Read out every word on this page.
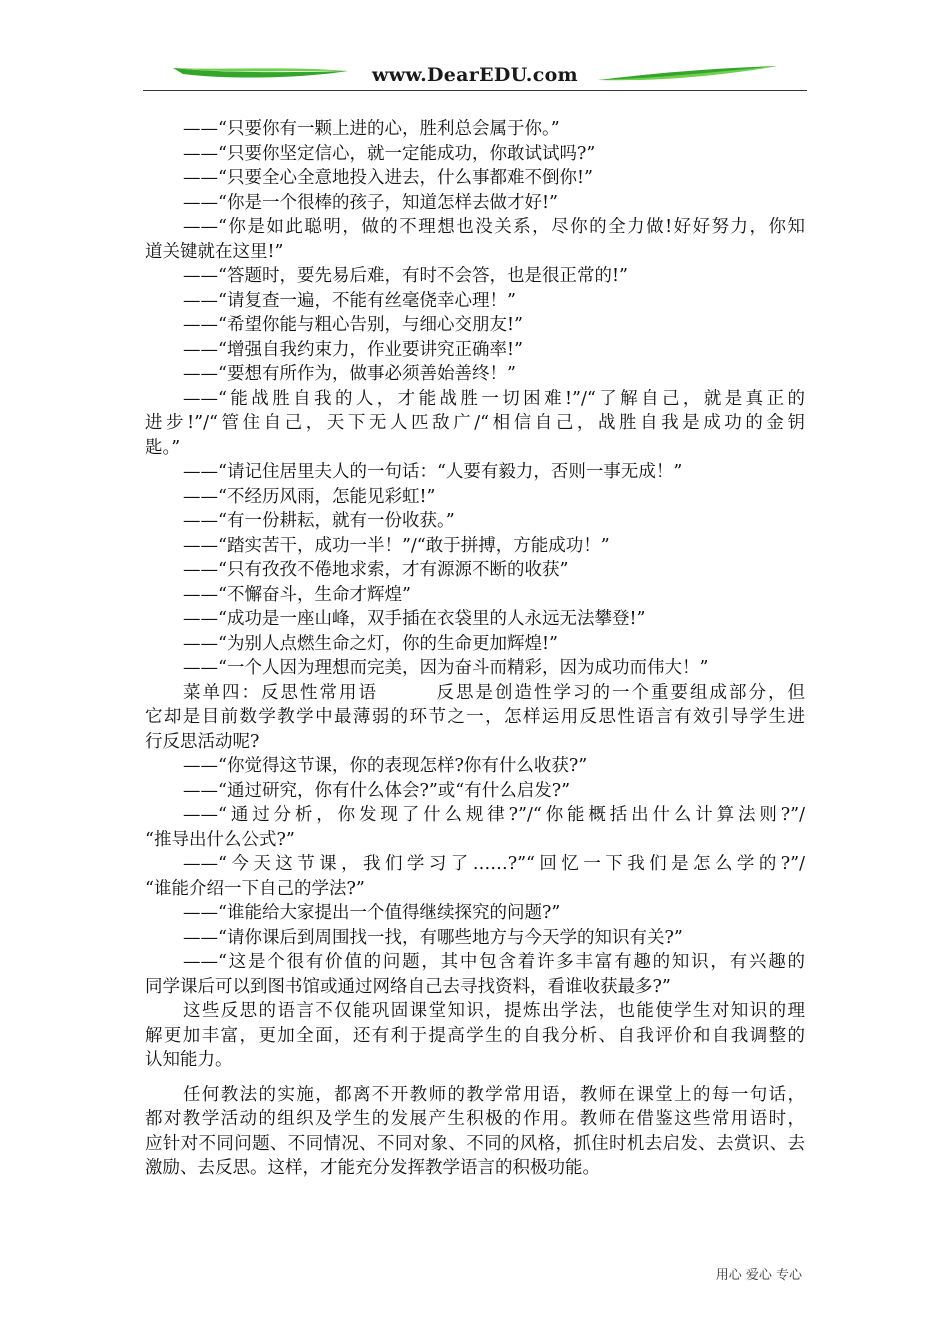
www.DearEDU.com
——“只要你有一颗上进的心，胜利总会属于你。”
——“只要你坚定信心，就一定能成功，你敢试试吗?”
——“只要全心全意地投入进去，什么事都难不倒你!”
——“你是一个很棒的孩子，知道怎样去做才好!”
——“你是如此聪明，做的不理想也没关系，尽你的全力做!好好努力，你知
道关键就在这里!”
——“答题时，要先易后难，有时不会答，也是很正常的!”
——“请复查一遍，不能有丝毫侥幸心理！”
——“希望你能与粗心告别，与细心交朋友!”
——“增强自我约束力，作业要讲究正确率!”
——“要想有所作为，做事必须善始善终！”
——“能战胜自我的人，才能战胜一切困难!”/“了解自己，就是真正的
进步!”/“管住自己，天下无人匹敌广/“相信自己，战胜自我是成功的金钥
匙。”
——“请记住居里夫人的一句话：“人要有毅力，否则一事无成！”
——“不经历风雨，怎能见彩虹!”
——“有一份耕耘，就有一份收获。”
——“踏实苦干，成功一半！”/“敢于拼搏，方能成功！”
——“只有孜孜不倦地求索，才有源源不断的收获”
——“不懈奋斗，生命才辉煌”
——“成功是一座山峰，双手插在衣袋里的人永远无法攀登!”
——“为别人点燃生命之灯，你的生命更加辉煌!”
——“一个人因为理想而完美，因为奋斗而精彩，因为成功而伟大！”
菜单四：反思性常用语　　　反思是创造性学习的一个重要组成部分，但
它却是目前数学教学中最薄弱的环节之一，怎样运用反思性语言有效引导学生进
行反思活动呢?
——“你觉得这节课，你的表现怎样?你有什么收获?”
——“通过研究，你有什么体会?”或“有什么启发?”
——“通过分析，你发现了什么规律?”/“你能概括出什么计算法则?”/
“推导出什么公式?”
——“今天这节课，我们学习了……?”“回忆一下我们是怎么学的?”/
“谁能介绍一下自己的学法?”
——“谁能给大家提出一个值得继续探究的问题?”
——“请你课后到周围找一找，有哪些地方与今天学的知识有关?”
——“这是个很有价值的问题，其中包含着许多丰富有趣的知识，有兴趣的
同学课后可以到图书馆或通过网络自己去寻找资料，看谁收获最多?”
这些反思的语言不仅能巩固课堂知识，提炼出学法，也能使学生对知识的理
解更加丰富，更加全面，还有利于提高学生的自我分析、自我评价和自我调整的
认知能力。
任何教法的实施，都离不开教师的教学常用语，教师在课堂上的每一句话，
都对教学活动的组织及学生的发展产生积极的作用。教师在借鉴这些常用语时，
应针对不同问题、不同情况、不同对象、不同的风格，抓住时机去启发、去赏识、去
激励、去反思。这样，才能充分发挥教学语言的积极功能。
用心 爱心 专心
